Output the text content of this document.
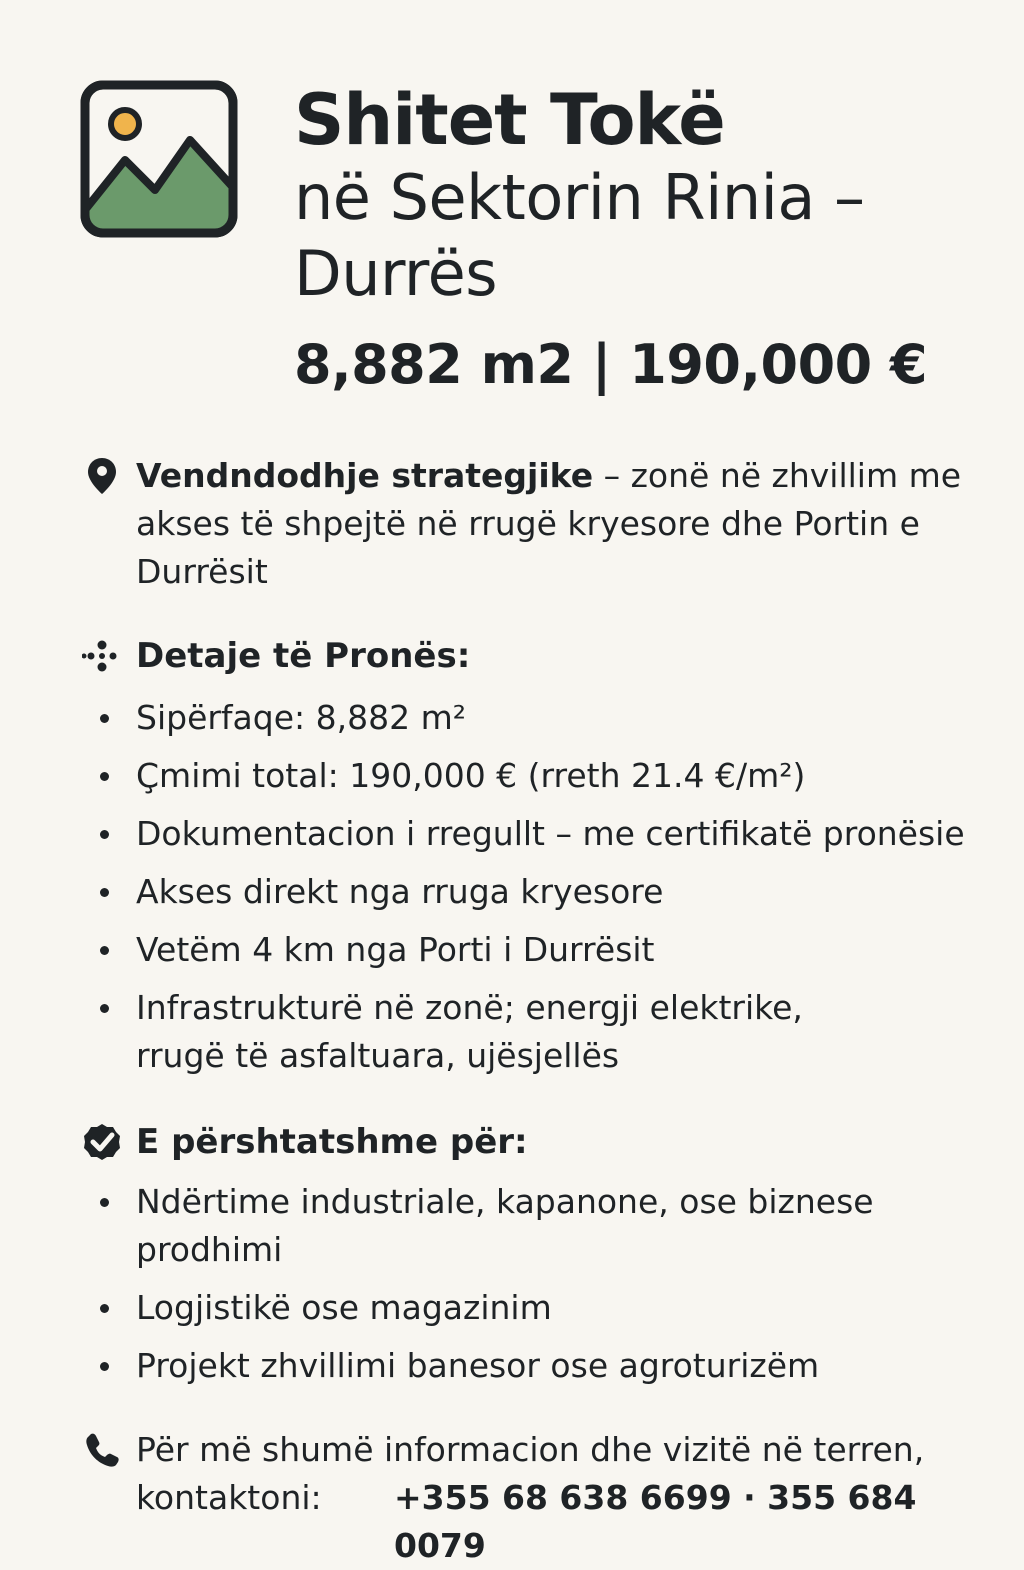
Shitet Tokë
në Sektorin Rinia –
Durrës
8,882 m2 | 190,000 €
Vendndodhje strategjike – zonë në zhvillim me akses të shpejtë në rrugë kryesore dhe Portin e Durrësit
Detaje të Pronës:
Sipërfaqe: 8,882 m²
Çmimi total: 190,000 € (rreth 21.4 €/m²)
Dokumentacion i rregullt – me certifikatë pronësie
Akses direkt nga rruga kryesore
Vetëm 4 km nga Porti i Durrësit
Infrastrukturë në zonë; energji elektrike, rrugë të asfaltuara, ujësjellës
E përshtatshme për:
Ndërtime industriale, kapanone, ose biznese prodhimi
Logjistikë ose magazinim
Projekt zhvillimi banesor ose agroturizëm
Për më shumë informacion dhe vizitë në terren,
kontaktoni: +355 68 638 6699 · 355 684 0079
